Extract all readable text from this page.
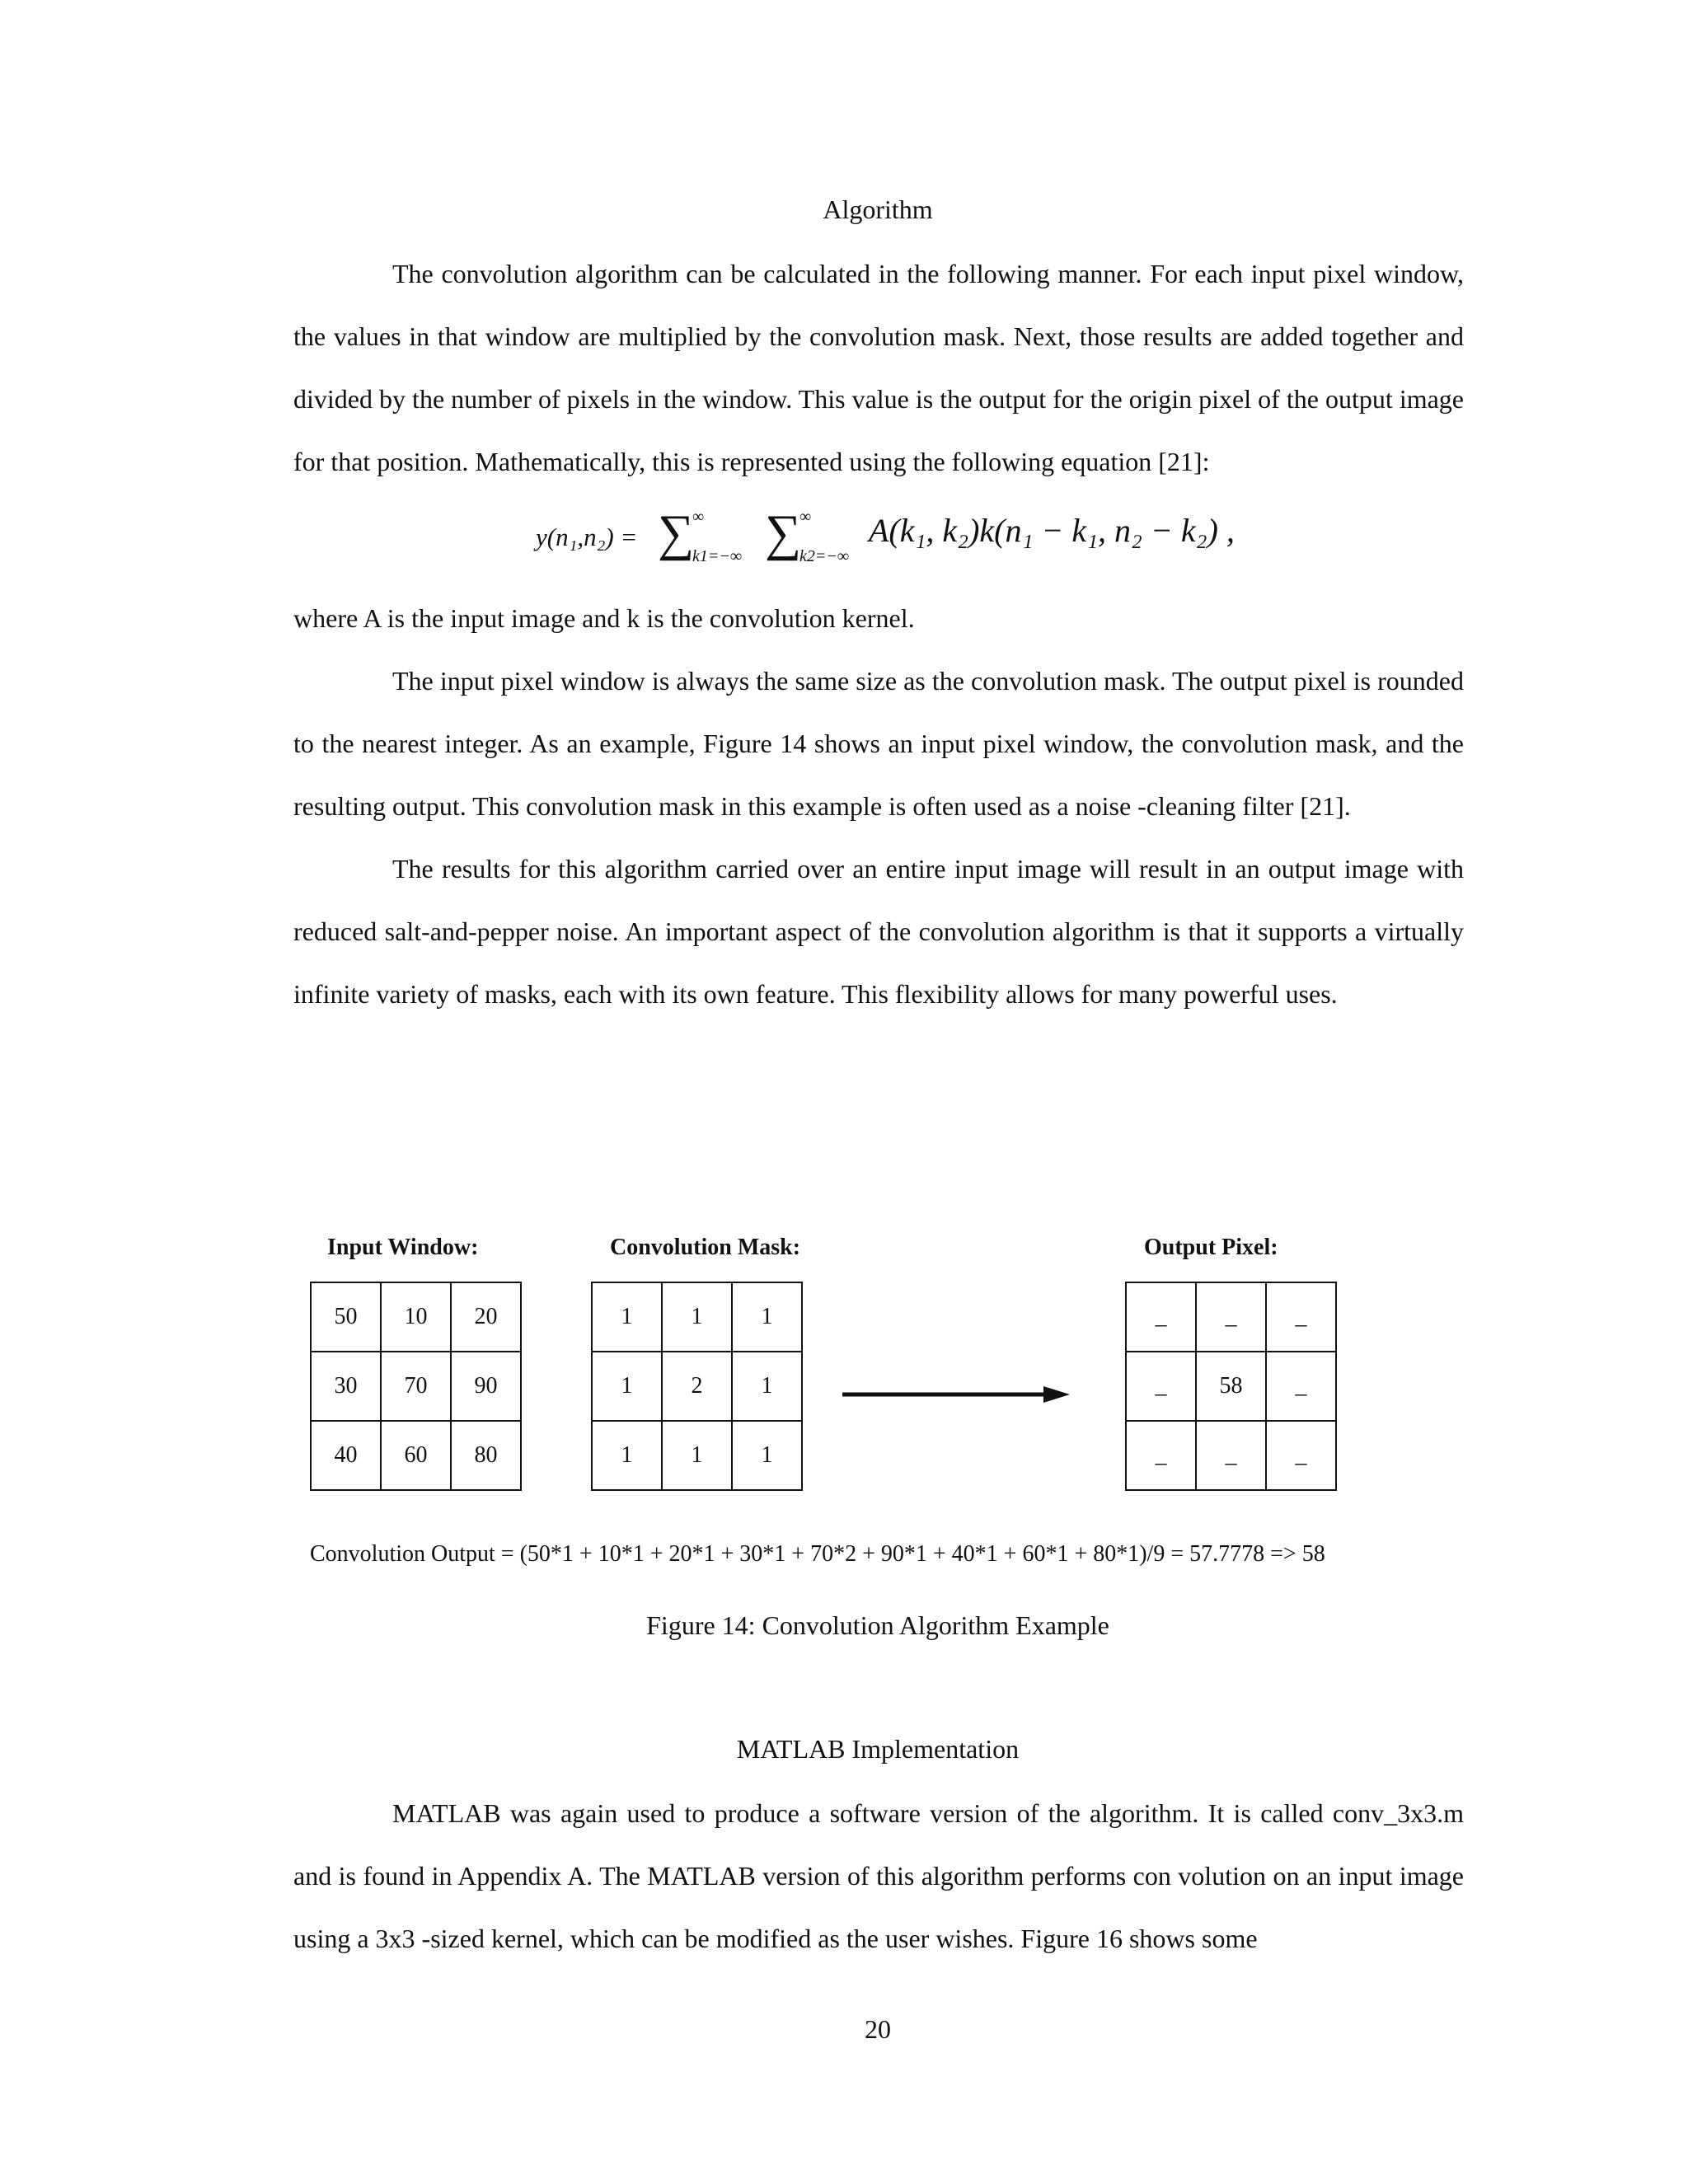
Algorithm

The convolution algorithm can be calculated in the following manner. For each input pixel window, the values in that window are multiplied by the convolution mask. Next, those results are added together and divided by the number of pixels in the window. This value is the output for the origin pixel of the output image for that position. Mathematically, this is represented using the following equation [21]:

y(n₁,n₂) = ∑
∞
k1=−∞ ∑
∞
k2=−∞
A(k₁, k₂)k(n₁ − k₁, n₂ − k₂) ,

where A is the input image and k is the convolution kernel.

The input pixel window is always the same size as the convolution mask. The output pixel is rounded to the nearest integer. As an example, Figure 14 shows an input pixel window, the convolution mask, and the resulting output. This convolution mask in this example is often used as a noise -cleaning filter [21].

The results for this algorithm carried over an entire input image will result in an output image with reduced salt-and-pepper noise. An important aspect of the convolution algorithm is that it supports a virtually infinite variety of masks, each with its own feature. This flexibility allows for many powerful uses.

Input Window:	Convolution Mask:	Output Pixel:
50	10	20
30	70	90
40	60	80
1	1	1
1	2	1
1	1	1
_	_	_
_	58	_
_	_	_
Convolution Output = (50*1 + 10*1 + 20*1 + 30*1 + 70*2 + 90*1 + 40*1 + 60*1 + 80*1)/9 = 57.7778 => 58
Figure 14: Convolution Algorithm Example
MATLAB Implementation

MATLAB was again used to produce a software version of the algorithm. It is called conv_3x3.m and is found in Appendix A. The MATLAB version of this algorithm performs con volution on an input image using a 3x3 -sized kernel, which can be modified as the user wishes. Figure 16 shows some

20
